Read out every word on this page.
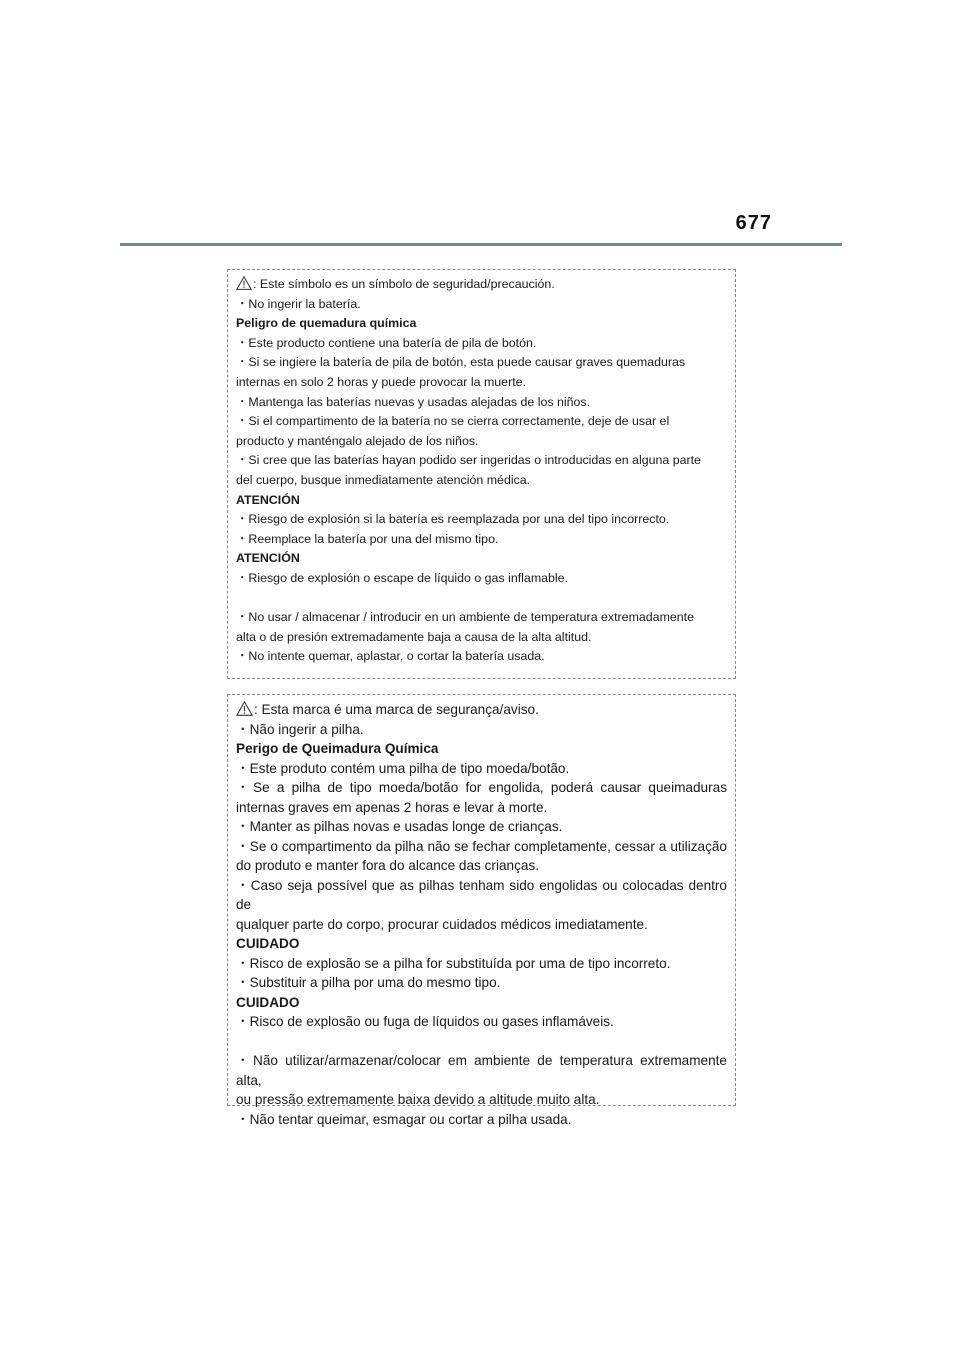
677

: Este símbolo es un símbolo de seguridad/precaución.

・No ingerir la batería.

Peligro de quemadura química

・Este producto contiene una batería de pila de botón.

・Si se ingiere la batería de pila de botón, esta puede causar graves quemaduras

internas en solo 2 horas y puede provocar la muerte.

・Mantenga las baterías nuevas y usadas alejadas de los niños.

・Si el compartimento de la batería no se cierra correctamente, deje de usar el

producto y manténgalo alejado de los niños.

・Si cree que las baterías hayan podido ser ingeridas o introducidas en alguna parte

del cuerpo, busque inmediatamente atención médica.

ATENCIÓN

・Riesgo de explosión si la batería es reemplazada por una del tipo incorrecto.

・Reemplace la batería por una del mismo tipo.

ATENCIÓN

・Riesgo de explosión o escape de líquido o gas inflamable.

・No usar / almacenar / introducir en un ambiente de temperatura extremadamente

alta o de presión extremadamente baja a causa de la alta altitud.

・No intente quemar, aplastar, o cortar la batería usada.

: Esta marca é uma marca de segurança/aviso.

・Não ingerir a pilha.

Perigo de Queimadura Química

・Este produto contém uma pilha de tipo moeda/botão.

・Se a pilha de tipo moeda/botão for engolida, poderá causar queimaduras

internas graves em apenas 2 horas e levar à morte.

・Manter as pilhas novas e usadas longe de crianças.

・Se o compartimento da pilha não se fechar completamente, cessar a utilização

do produto e manter fora do alcance das crianças.

・Caso seja possível que as pilhas tenham sido engolidas ou colocadas dentro de

qualquer parte do corpo, procurar cuidados médicos imediatamente.

CUIDADO

・Risco de explosão se a pilha for substituída por uma de tipo incorreto.

・Substituir a pilha por uma do mesmo tipo.

CUIDADO

・Risco de explosão ou fuga de líquidos ou gases inflamáveis.

・Não utilizar/armazenar/colocar em ambiente de temperatura extremamente alta,

ou pressão extremamente baixa devido a altitude muito alta.

・Não tentar queimar, esmagar ou cortar a pilha usada.
